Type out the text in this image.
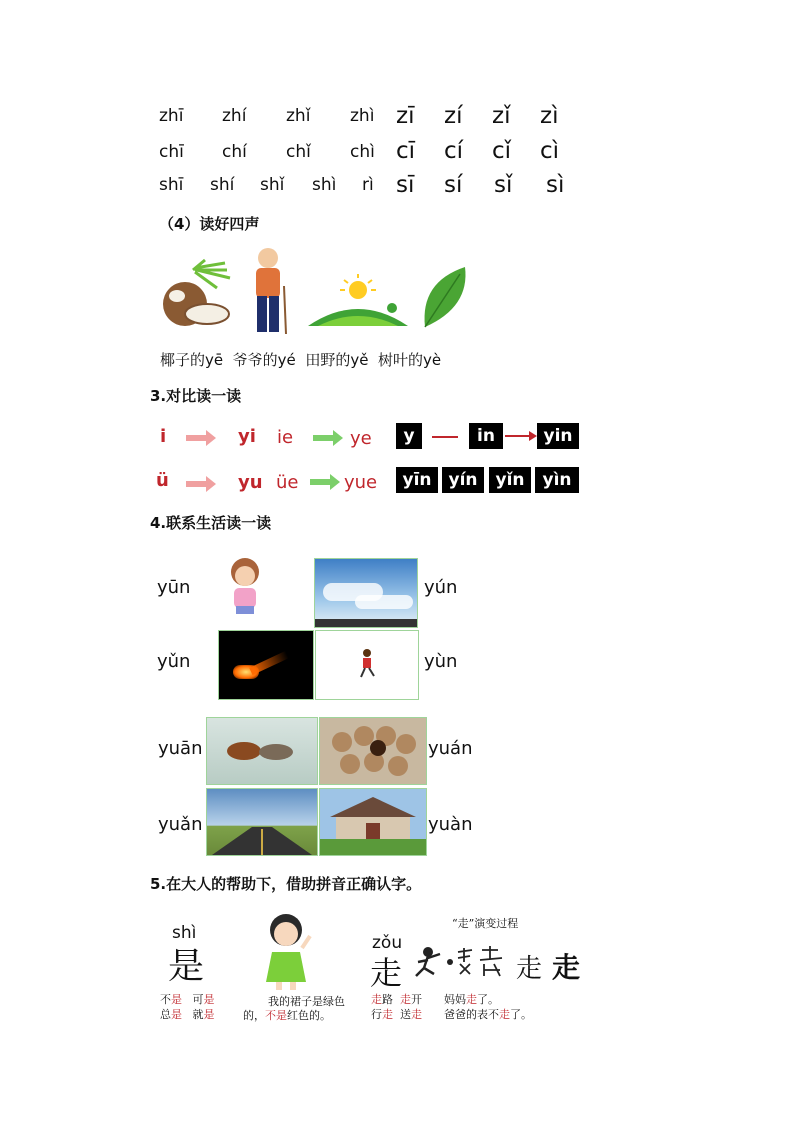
zhī zhí zhǐ zhì zī zí zǐ zì
chī chí chǐ chì cī cí cǐ cì
shī shí shǐ shì rì sī sí sǐ sì
（4）读好四声
椰子的yē 爷爷的yé 田野的yě 树叶的yè
3.对比读一读
i	yi ie	ye	y	in	yin
ü	yu üe	yue	yīn yín	yǐn	yìn
4.联系生活读一读
yūn	yún
yǔn	yùn
yuān	yuán
yuǎn	yuàn
5.在大人的帮助下，借助拼音正确认字。
shì
是
不是 可是
总是 就是
我的裙子是绿色
的，不是红色的。
“走”演变过程
zǒu
走	走 走
走路 走开
行走 送走
妈妈走了。
爸爸的表不走了。
